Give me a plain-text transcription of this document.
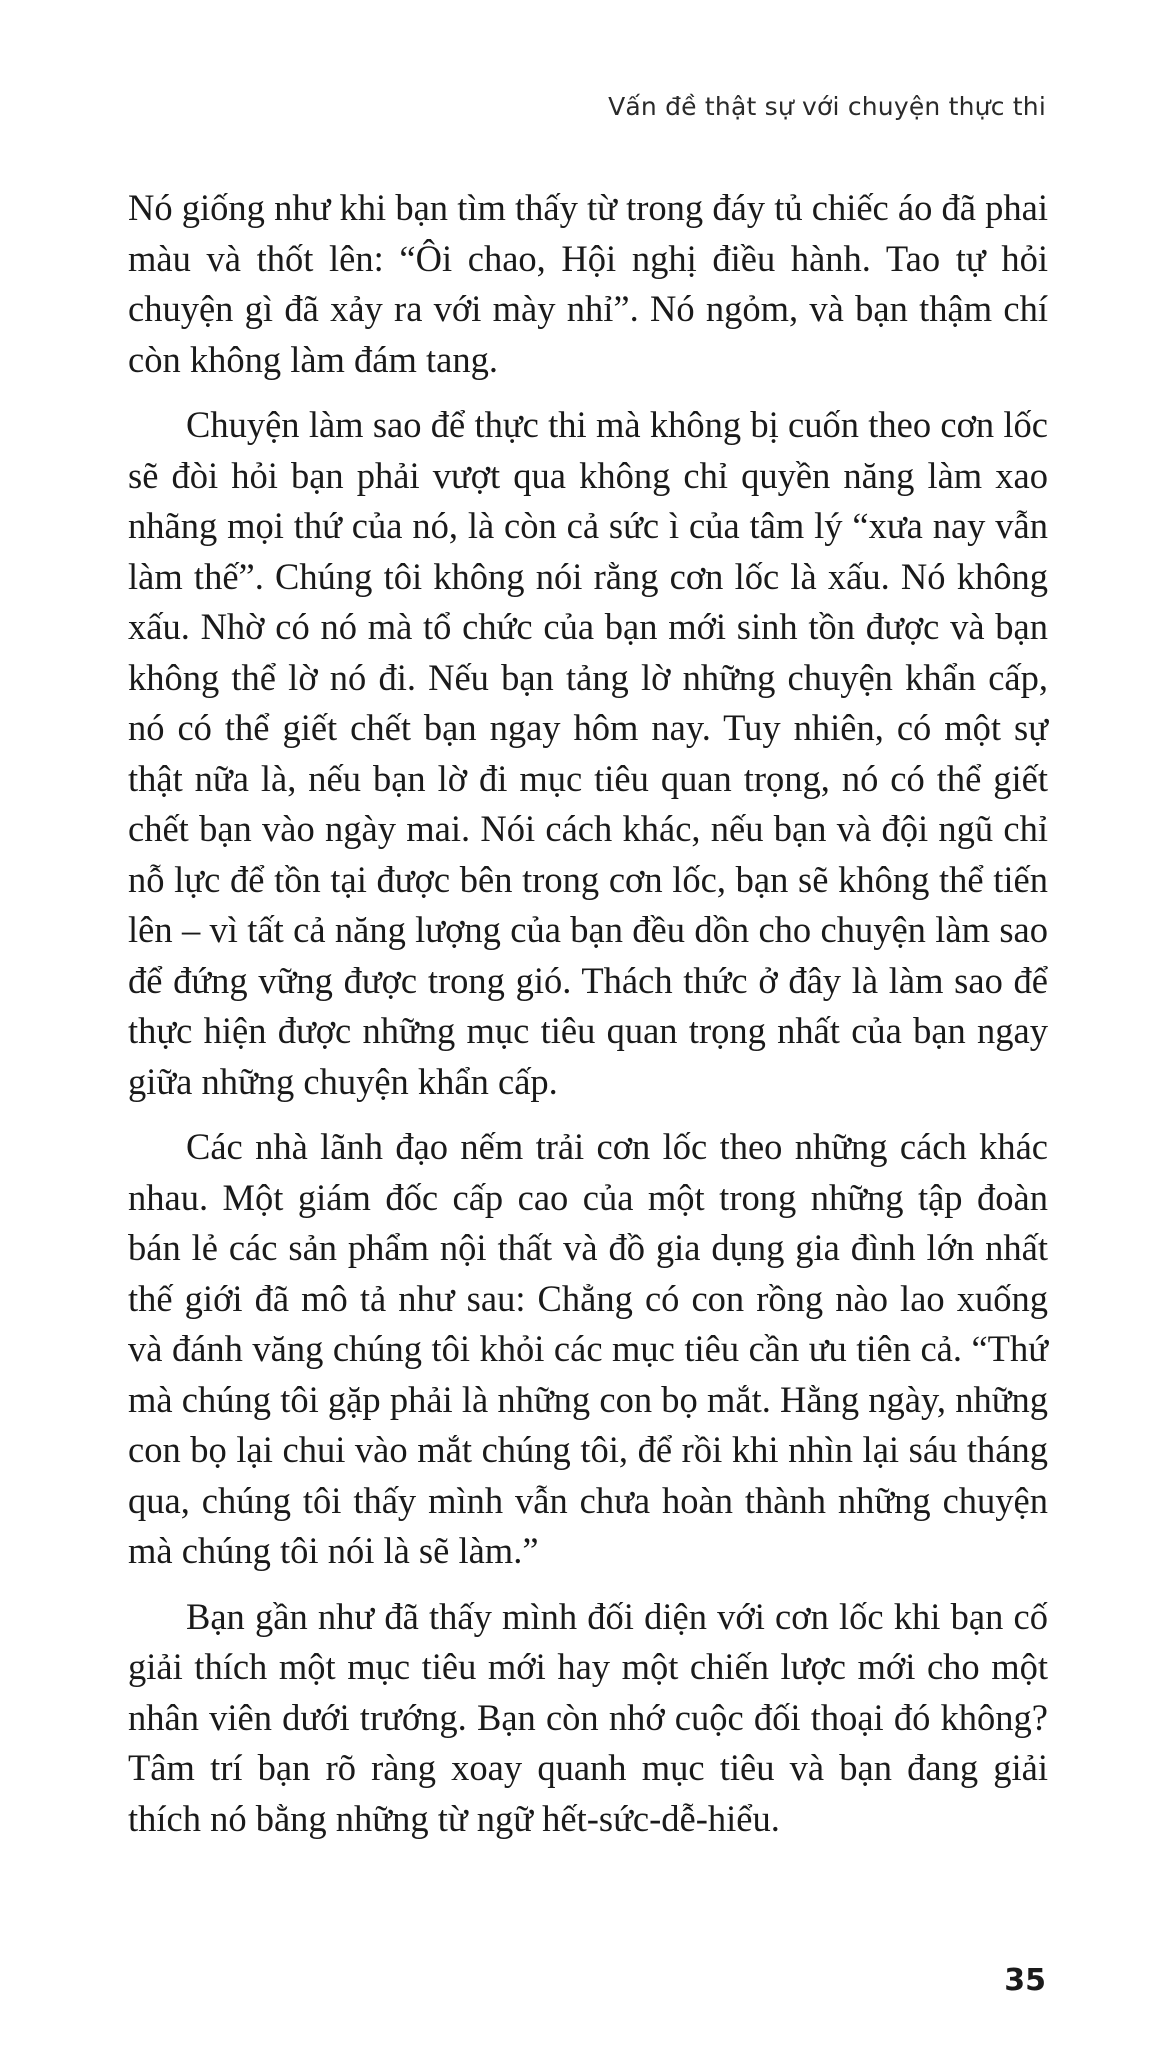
Vấn đề thật sự với chuyện thực thi

Nó giống như khi bạn tìm thấy từ trong đáy tủ chiếc áo đã phai màu và thốt lên: “Ôi chao, Hội nghị điều hành. Tao tự hỏi chuyện gì đã xảy ra với mày nhỉ”. Nó ngỏm, và bạn thậm chí còn không làm đám tang.

Chuyện làm sao để thực thi mà không bị cuốn theo cơn lốc sẽ đòi hỏi bạn phải vượt qua không chỉ quyền năng làm xao nhãng mọi thứ của nó, là còn cả sức ì của tâm lý “xưa nay vẫn làm thế”. Chúng tôi không nói rằng cơn lốc là xấu. Nó không xấu. Nhờ có nó mà tổ chức của bạn mới sinh tồn được và bạn không thể lờ nó đi. Nếu bạn tảng lờ những chuyện khẩn cấp, nó có thể giết chết bạn ngay hôm nay. Tuy nhiên, có một sự thật nữa là, nếu bạn lờ đi mục tiêu quan trọng, nó có thể giết chết bạn vào ngày mai. Nói cách khác, nếu bạn và đội ngũ chỉ nỗ lực để tồn tại được bên trong cơn lốc, bạn sẽ không thể tiến lên – vì tất cả năng lượng của bạn đều dồn cho chuyện làm sao để đứng vững được trong gió. Thách thức ở đây là làm sao để thực hiện được những mục tiêu quan trọng nhất của bạn ngay giữa những chuyện khẩn cấp.

Các nhà lãnh đạo nếm trải cơn lốc theo những cách khác nhau. Một giám đốc cấp cao của một trong những tập đoàn bán lẻ các sản phẩm nội thất và đồ gia dụng gia đình lớn nhất thế giới đã mô tả như sau: Chẳng có con rồng nào lao xuống và đánh văng chúng tôi khỏi các mục tiêu cần ưu tiên cả. “Thứ mà chúng tôi gặp phải là những con bọ mắt. Hằng ngày, những con bọ lại chui vào mắt chúng tôi, để rồi khi nhìn lại sáu tháng qua, chúng tôi thấy mình vẫn chưa hoàn thành những chuyện mà chúng tôi nói là sẽ làm.”

Bạn gần như đã thấy mình đối diện với cơn lốc khi bạn cố giải thích một mục tiêu mới hay một chiến lược mới cho một nhân viên dưới trướng. Bạn còn nhớ cuộc đối thoại đó không? Tâm trí bạn rõ ràng xoay quanh mục tiêu và bạn đang giải thích nó bằng những từ ngữ hết-sức-dễ-hiểu.

35
